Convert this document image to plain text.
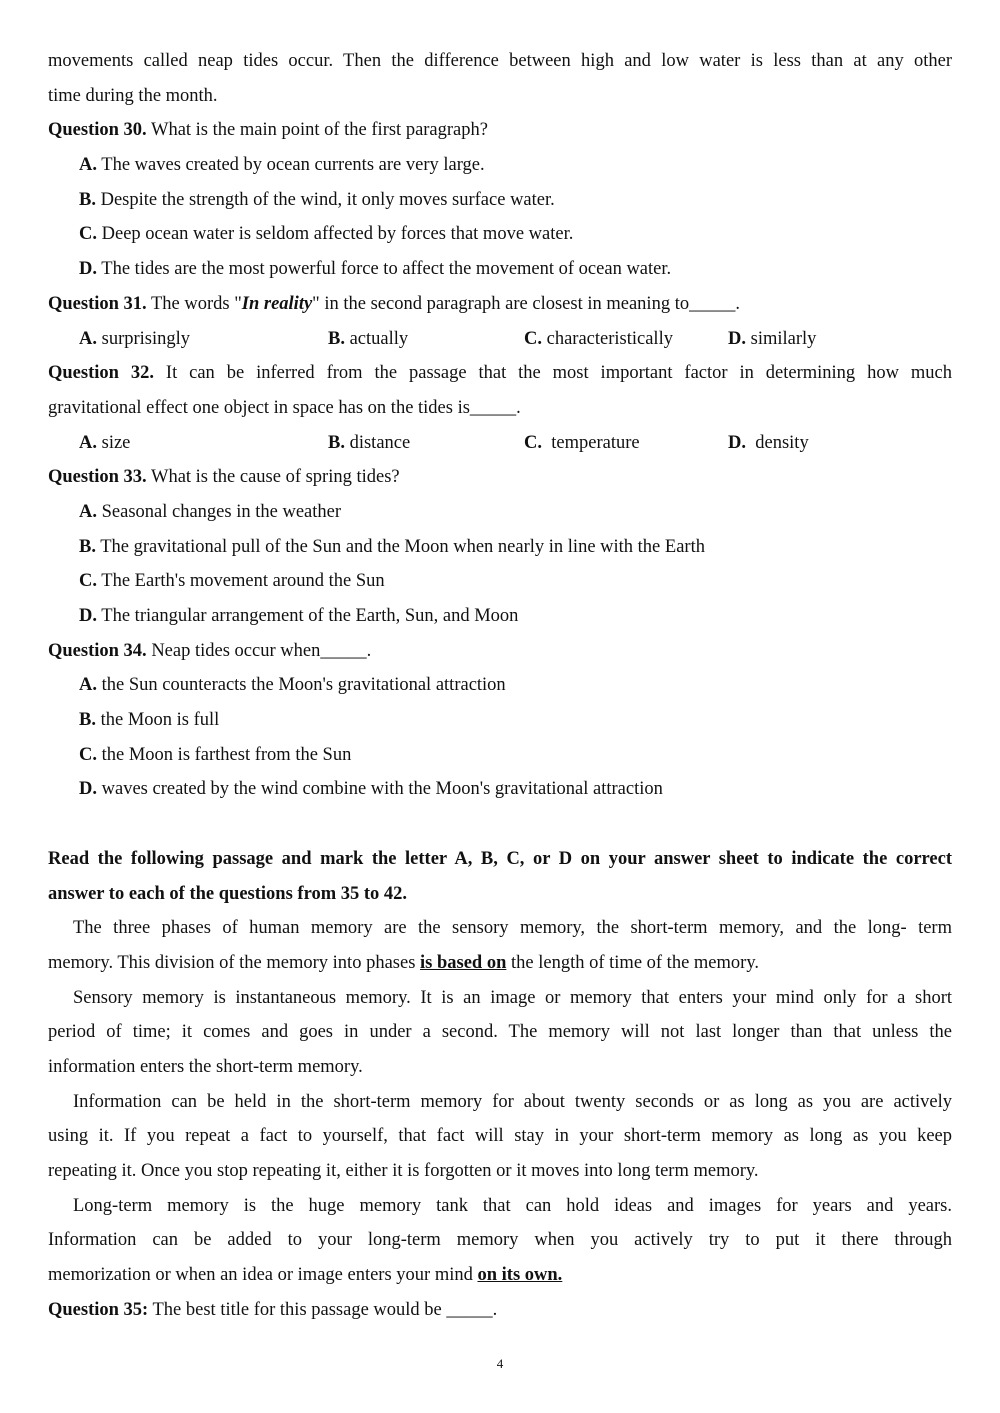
movements called neap tides occur. Then the difference between high and low water is less than at any other
time during the month.
Question 30. What is the main point of the first paragraph?
A. The waves created by ocean currents are very large.
B. Despite the strength of the wind, it only moves surface water.
C. Deep ocean water is seldom affected by forces that move water.
D. The tides are the most powerful force to affect the movement of ocean water.
Question 31. The words "In reality" in the second paragraph are closest in meaning to_____.
A. surprisingly	B. actually	C. characteristically	D. similarly
Question 32. It can be inferred from the passage that the most important factor in determining how much
gravitational effect one object in space has on the tides is_____.
A. size	B. distance	C.  temperature	D.  density
Question 33. What is the cause of spring tides?
A. Seasonal changes in the weather
B. The gravitational pull of the Sun and the Moon when nearly in line with the Earth
C. The Earth's movement around the Sun
D. The triangular arrangement of the Earth, Sun, and Moon
Question 34. Neap tides occur when_____.
A. the Sun counteracts the Moon's gravitational attraction
B. the Moon is full
C. the Moon is farthest from the Sun
D. waves created by the wind combine with the Moon's gravitational attraction
Read the following passage and mark the letter A, B, C, or D on your answer sheet to indicate the correct
answer to each of the questions from 35 to 42.
The three phases of human memory are the sensory memory, the short-term memory, and the long- term
memory. This division of the memory into phases is based on the length of time of the memory.
Sensory memory is instantaneous memory. It is an image or memory that enters your mind only for a short
period of time; it comes and goes in under a second. The memory will not last longer than that unless the
information enters the short-term memory.
Information can be held in the short-term memory for about twenty seconds or as long as you are actively
using it. If you repeat a fact to yourself, that fact will stay in your short-term memory as long as you keep
repeating it. Once you stop repeating it, either it is forgotten or it moves into long term memory.
Long-term memory is the huge memory tank that can hold ideas and images for years and years.
Information can be added to your long-term memory when you actively try to put it there through
memorization or when an idea or image enters your mind on its own.
Question 35: The best title for this passage would be _____.
4
